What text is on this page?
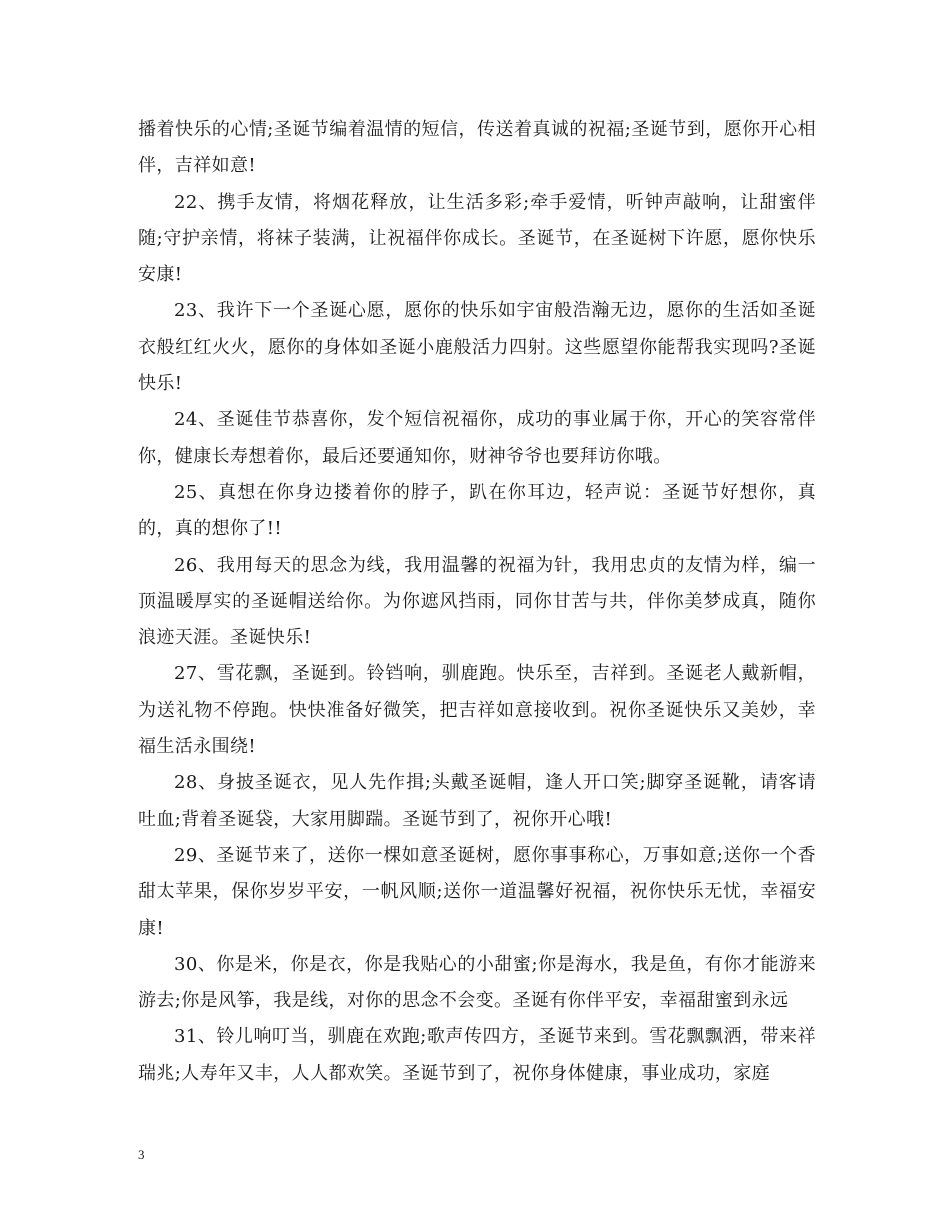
播着快乐的心情;圣诞节编着温情的短信，传送着真诚的祝福;圣诞节到，愿你开心相伴，吉祥如意!

22、携手友情，将烟花释放，让生活多彩;牵手爱情，听钟声敲响，让甜蜜伴随;守护亲情，将袜子装满，让祝福伴你成长。圣诞节，在圣诞树下许愿，愿你快乐安康!

23、我许下一个圣诞心愿，愿你的快乐如宇宙般浩瀚无边，愿你的生活如圣诞衣般红红火火，愿你的身体如圣诞小鹿般活力四射。这些愿望你能帮我实现吗?圣诞快乐!

24、圣诞佳节恭喜你，发个短信祝福你，成功的事业属于你，开心的笑容常伴你，健康长寿想着你，最后还要通知你，财神爷爷也要拜访你哦。

25、真想在你身边搂着你的脖子，趴在你耳边，轻声说：圣诞节好想你，真的，真的想你了!!

26、我用每天的思念为线，我用温馨的祝福为针，我用忠贞的友情为样，编一顶温暖厚实的圣诞帽送给你。为你遮风挡雨，同你甘苦与共，伴你美梦成真，随你浪迹天涯。圣诞快乐!

27、雪花飘，圣诞到。铃铛响，驯鹿跑。快乐至，吉祥到。圣诞老人戴新帽，为送礼物不停跑。快快准备好微笑，把吉祥如意接收到。祝你圣诞快乐又美妙，幸福生活永围绕!

28、身披圣诞衣，见人先作揖;头戴圣诞帽，逢人开口笑;脚穿圣诞靴，请客请吐血;背着圣诞袋，大家用脚踹。圣诞节到了，祝你开心哦!

29、圣诞节来了，送你一棵如意圣诞树，愿你事事称心，万事如意;送你一个香甜太苹果，保你岁岁平安，一帆风顺;送你一道温馨好祝福，祝你快乐无忧，幸福安康!

30、你是米，你是衣，你是我贴心的小甜蜜;你是海水，我是鱼，有你才能游来游去;你是风筝，我是线，对你的思念不会变。圣诞有你伴平安，幸福甜蜜到永远

31、铃儿响叮当，驯鹿在欢跑;歌声传四方，圣诞节来到。雪花飘飘洒，带来祥瑞兆;人寿年又丰，人人都欢笑。圣诞节到了，祝你身体健康，事业成功，家庭

3
